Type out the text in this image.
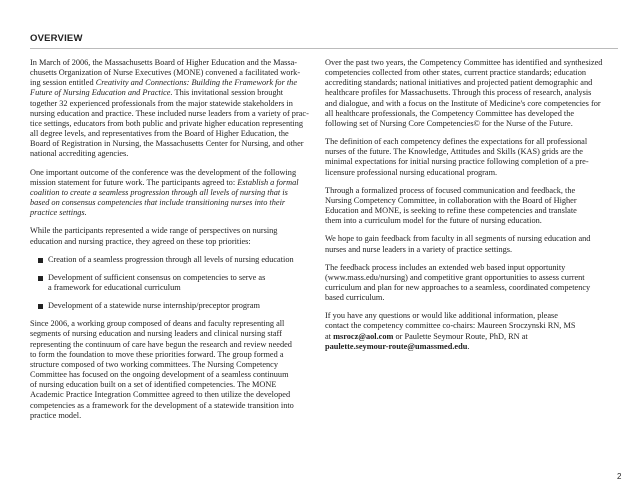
OVERVIEW
In March of 2006, the Massachusetts Board of Higher Education and the Massa-
chusetts Organization of Nurse Executives (MONE) convened a facilitated work-
ing session entitled Creativity and Connections: Building the Framework for the
Future of Nursing Education and Practice. This invitational session brought
together 32 experienced professionals from the major statewide stakeholders in
nursing education and practice. These included nurse leaders from a variety of prac-
tice settings, educators from both public and private higher education representing
all degree levels, and representatives from the Board of Higher Education, the
Board of Registration in Nursing, the Massachusetts Center for Nursing, and other
national accrediting agencies.
One important outcome of the conference was the development of the following
mission statement for future work. The participants agreed to: Establish a formal
coalition to create a seamless progression through all levels of nursing that is
based on consensus competencies that include transitioning nurses into their
practice settings.
While the participants represented a wide range of perspectives on nursing
education and nursing practice, they agreed on these top priorities:
Creation of a seamless progression through all levels of nursing education
Development of sufficient consensus on competencies to serve as
a framework for educational curriculum
Development of a statewide nurse internship/preceptor program
Since 2006, a working group composed of deans and faculty representing all
segments of nursing education and nursing leaders and clinical nursing staff
representing the continuum of care have begun the research and review needed
to form the foundation to move these priorities forward. The group formed a
structure composed of two working committees. The Nursing Competency
Committee has focused on the ongoing development of a seamless continuum
of nursing education built on a set of identified competencies. The MONE
Academic Practice Integration Committee agreed to then utilize the developed
competencies as a framework for the development of a statewide transition into
practice model.
Over the past two years, the Competency Committee has identified and synthesized
competencies collected from other states, current practice standards; education
accrediting standards; national initiatives and projected patient demographic and
healthcare profiles for Massachusetts. Through this process of research, analysis
and dialogue, and with a focus on the Institute of Medicine's core competencies for
all healthcare professionals, the Competency Committee has developed the
following set of Nursing Core Competencies© for the Nurse of the Future.
The definition of each competency defines the expectations for all professional
nurses of the future. The Knowledge, Attitudes and Skills (KAS) grids are the
minimal expectations for initial nursing practice following completion of a pre-
licensure professional nursing educational program.
Through a formalized process of focused communication and feedback, the
Nursing Competency Committee, in collaboration with the Board of Higher
Education and MONE, is seeking to refine these competencies and translate
them into a curriculum model for the future of nursing education.
We hope to gain feedback from faculty in all segments of nursing education and
nurses and nurse leaders in a variety of practice settings.
The feedback process includes an extended web based input opportunity
(www.mass.edu/nursing) and competitive grant opportunities to assess current
curriculum and plan for new approaches to a seamless, coordinated competency
based curriculum.
If you have any questions or would like additional information, please
contact the competency committee co-chairs: Maureen Sroczynski RN, MS
at msrocz@aol.com or Paulette Seymour Route, PhD, RN at
paulette.seymour-route@umassmed.edu.
2
